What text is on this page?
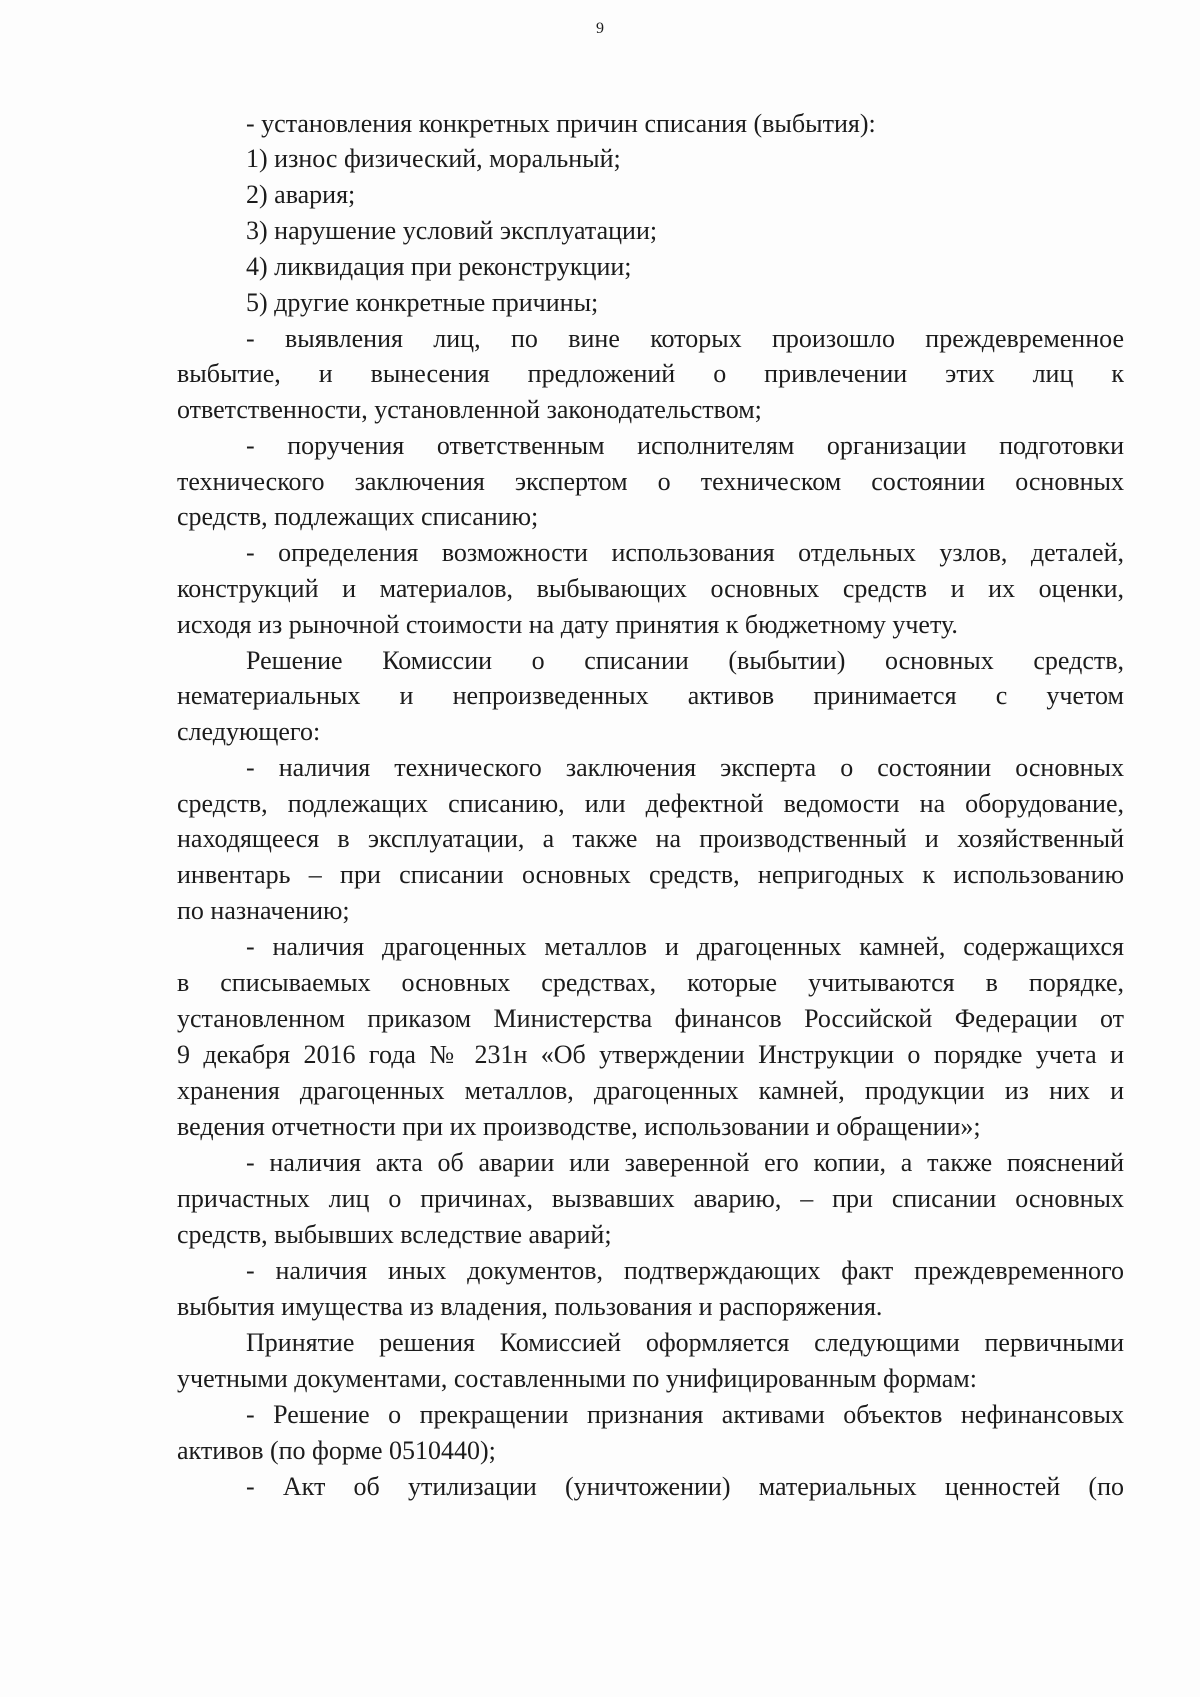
9
- установления конкретных причин списания (выбытия):
1) износ физический, моральный;
2) авария;
3) нарушение условий эксплуатации;
4) ликвидация при реконструкции;
5) другие конкретные причины;
- выявления лиц, по вине которых произошло преждевременное
выбытие, и вынесения предложений о привлечении этих лиц к
ответственности, установленной законодательством;
- поручения ответственным исполнителям организации подготовки
технического заключения экспертом о техническом состоянии основных
средств, подлежащих списанию;
- определения возможности использования отдельных узлов, деталей,
конструкций и материалов, выбывающих основных средств и их оценки,
исходя из рыночной стоимости на дату принятия к бюджетному учету.
Решение Комиссии о списании (выбытии) основных средств,
нематериальных и непроизведенных активов принимается с учетом
следующего:
- наличия технического заключения эксперта о состоянии основных
средств, подлежащих списанию, или дефектной ведомости на оборудование,
находящееся в эксплуатации, а также на производственный и хозяйственный
инвентарь – при списании основных средств, непригодных к использованию
по назначению;
- наличия драгоценных металлов и драгоценных камней, содержащихся
в списываемых основных средствах, которые учитываются в порядке,
установленном приказом Министерства финансов Российской Федерации от
9 декабря 2016 года № 231н «Об утверждении Инструкции о порядке учета и
хранения драгоценных металлов, драгоценных камней, продукции из них и
ведения отчетности при их производстве, использовании и обращении»;
- наличия акта об аварии или заверенной его копии, а также пояснений
причастных лиц о причинах, вызвавших аварию, – при списании основных
средств, выбывших вследствие аварий;
- наличия иных документов, подтверждающих факт преждевременного
выбытия имущества из владения, пользования и распоряжения.
Принятие решения Комиссией оформляется следующими первичными
учетными документами, составленными по унифицированным формам:
- Решение о прекращении признания активами объектов нефинансовых
активов (по форме 0510440);
- Акт об утилизации (уничтожении) материальных ценностей (по
